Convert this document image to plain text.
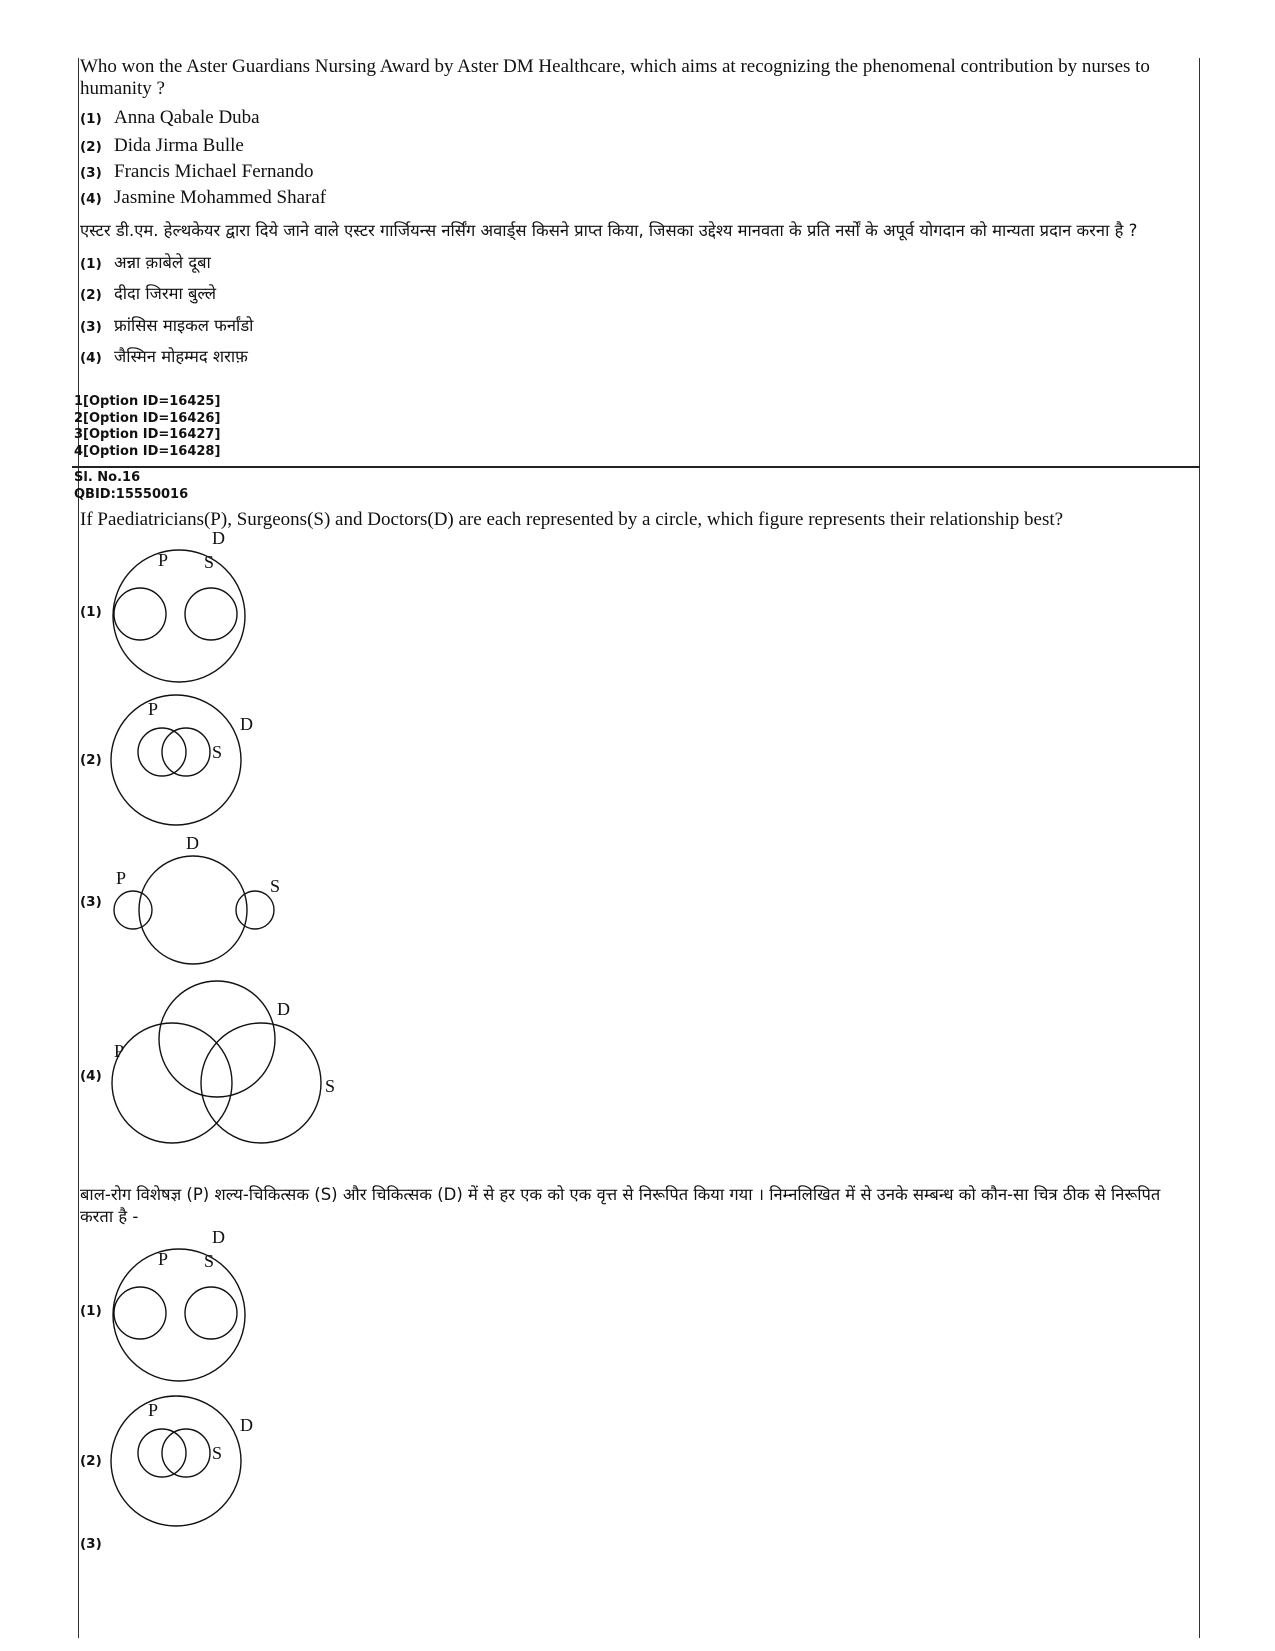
Who won the Aster Guardians Nursing Award by Aster DM Healthcare, which aims at recognizing the phenomenal contribution by nurses to humanity ?
(1) Anna Qabale Duba
(2) Dida Jirma Bulle
(3) Francis Michael Fernando
(4) Jasmine Mohammed Sharaf
एस्टर डी.एम. हेल्थकेयर द्वारा दिये जाने वाले एस्टर गार्जियन्स नर्सिंग अवार्ड्स किसने प्राप्त किया, जिसका उद्देश्य मानवता के प्रति नर्सों के अपूर्व योगदान को मान्यता प्रदान करना है ?
(1) अन्ना क़ाबेले दूबा
(2) दीदा जिरमा बुल्ले
(3) फ्रांसिस माइकल फर्नांडो
(4) जैस्मिन मोहम्मद शराफ़
1[Option ID=16425]
2[Option ID=16426]
3[Option ID=16427]
4[Option ID=16428]
Sl. No.16
QBID:15550016
If Paediatricians(P), Surgeons(S) and Doctors(D) are each represented by a circle, which figure represents their relationship best?
(1)
P S
D
(2)
P
S
D
(3)
D
P	S
(4)
D
P
S
बाल-रोग विशेषज्ञ (P) शल्य-चिकित्सक (S) और चिकित्सक (D) में से हर एक को एक वृत्त से निरूपित किया गया । निम्नलिखित में से उनके सम्बन्ध को कौन-सा चित्र ठीक से निरूपित करता है -
(1)
P S
D
(2)
P
S
D
(3)
